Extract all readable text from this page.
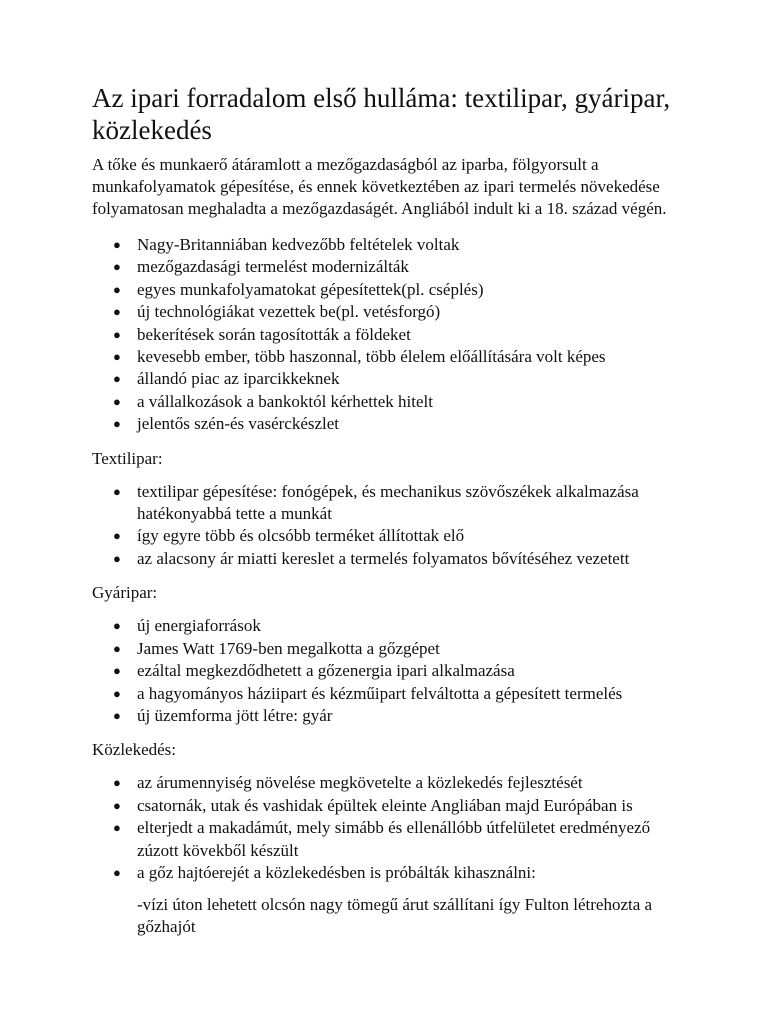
Az ipari forradalom első hulláma: textilipar, gyáripar, közlekedés

A tőke és munkaerő átáramlott a mezőgazdaságból az iparba, fölgyorsult a munkafolyamatok gépesítése, és ennek következtében az ipari termelés növekedése folyamatosan meghaladta a mezőgazdaságét. Angliából indult ki a 18. század végén.

● Nagy-Britanniában kedvezőbb feltételek voltak
● mezőgazdasági termelést modernizálták
● egyes munkafolyamatokat gépesítettek(pl. cséplés)
● új technológiákat vezettek be(pl. vetésforgó)
● bekerítések során tagosították a földeket
● kevesebb ember, több haszonnal, több élelem előállítására volt képes
● állandó piac az iparcikkeknek
● a vállalkozások a bankoktól kérhettek hitelt
● jelentős szén-és vasérckészlet

Textilipar:

● textilipar gépesítése: fonógépek, és mechanikus szövőszékek alkalmazása hatékonyabbá tette a munkát
● így egyre több és olcsóbb terméket állítottak elő
● az alacsony ár miatti kereslet a termelés folyamatos bővítéséhez vezetett

Gyáripar:

● új energiaforrások
● James Watt 1769-ben megalkotta a gőzgépet
● ezáltal megkezdődhetett a gőzenergia ipari alkalmazása
● a hagyományos háziipart és kézműipart felváltotta a gépesített termelés
● új üzemforma jött létre: gyár

Közlekedés:

● az árumennyiség növelése megkövetelte a közlekedés fejlesztését
● csatornák, utak és vashidak épültek eleinte Angliában majd Európában is
● elterjedt a makadámút, mely simább és ellenállóbb útfelületet eredményező zúzott kövekből készült
● a gőz hajtóerejét a közlekedésben is próbálták kihasználni:

-vízi úton lehetett olcsón nagy tömegű árut szállítani így Fulton létrehozta a gőzhajót
